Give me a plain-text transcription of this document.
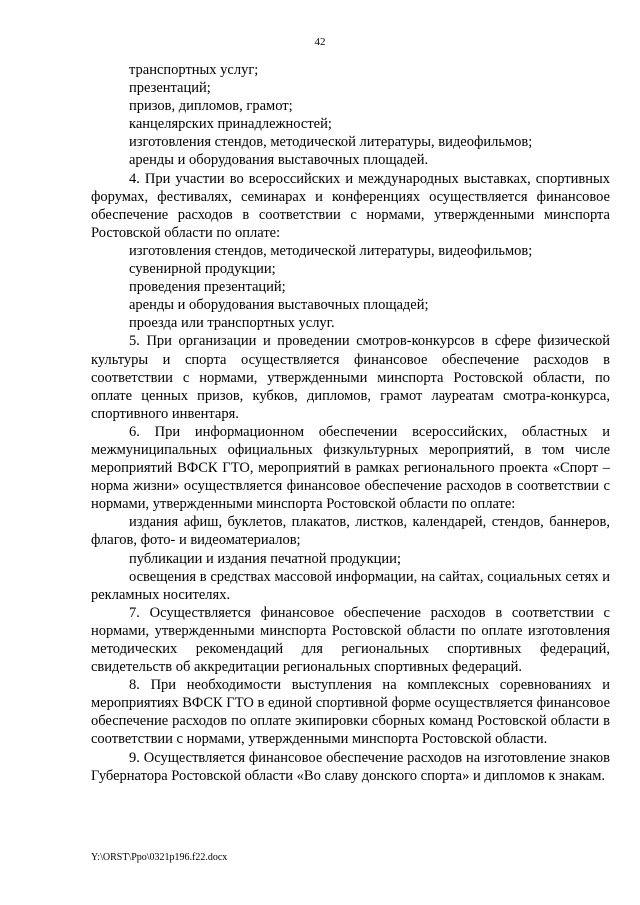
42

транспортных услуг;

презентаций;

призов, дипломов, грамот;

канцелярских принадлежностей;

изготовления стендов, методической литературы, видеофильмов;

аренды и оборудования выставочных площадей.

4. При участии во всероссийских и международных выставках, спортивных форумах, фестивалях, семинарах и конференциях осуществляется финансовое обеспечение расходов в соответствии с нормами, утвержденными минспорта Ростовской области по оплате:

изготовления стендов, методической литературы, видеофильмов;

сувенирной продукции;

проведения презентаций;

аренды и оборудования выставочных площадей;

проезда или транспортных услуг.

5. При организации и проведении смотров-конкурсов в сфере физической культуры и спорта осуществляется финансовое обеспечение расходов в соответствии с нормами, утвержденными минспорта Ростовской области, по оплате ценных призов, кубков, дипломов, грамот лауреатам смотра-конкурса, спортивного инвентаря.

6. При информационном обеспечении всероссийских, областных и межмуниципальных официальных физкультурных мероприятий, в том числе мероприятий ВФСК ГТО, мероприятий в рамках регионального проекта «Спорт – норма жизни» осуществляется финансовое обеспечение расходов в соответствии с нормами, утвержденными минспорта Ростовской области по оплате:

издания афиш, буклетов, плакатов, листков, календарей, стендов, баннеров, флагов, фото- и видеоматериалов;

публикации и издания печатной продукции;

освещения в средствах массовой информации, на сайтах, социальных сетях и рекламных носителях.

7. Осуществляется финансовое обеспечение расходов в соответствии с нормами, утвержденными минспорта Ростовской области по оплате изготовления методических рекомендаций для региональных спортивных федераций, свидетельств об аккредитации региональных спортивных федераций.

8. При необходимости выступления на комплексных соревнованиях и мероприятиях ВФСК ГТО в единой спортивной форме осуществляется финансовое обеспечение расходов по оплате экипировки сборных команд Ростовской области в соответствии с нормами, утвержденными минспорта Ростовской области.

9. Осуществляется финансовое обеспечение расходов на изготовление знаков Губернатора Ростовской области «Во славу донского спорта» и дипломов к знакам.

Y:\ORST\Ppo\0321p196.f22.docx
